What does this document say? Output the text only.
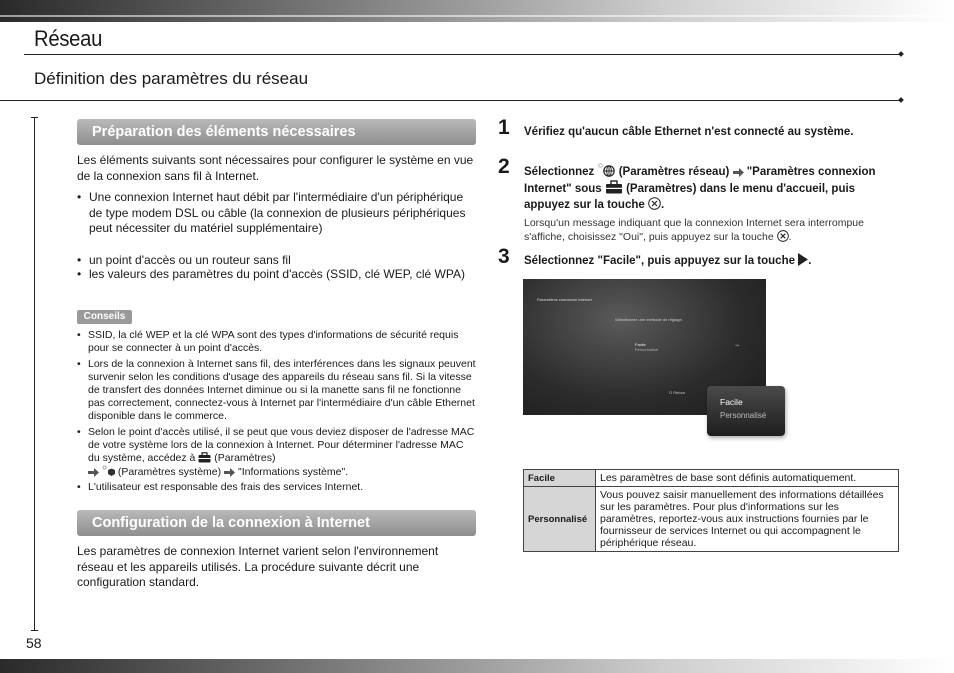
Réseau
Définition des paramètres du réseau
Préparation des éléments nécessaires
Les éléments suivants sont nécessaires pour configurer le système en vue de la connexion sans fil à Internet.
• Une connexion Internet haut débit par l'intermédiaire d'un périphérique de type modem DSL ou câble (la connexion de plusieurs périphériques peut nécessiter du matériel supplémentaire)
• un point d'accès ou un routeur sans fil
• les valeurs des paramètres du point d'accès (SSID, clé WEP, clé WPA)
Conseils
• SSID, la clé WEP et la clé WPA sont des types d'informations de sécurité requis pour se connecter à un point d'accès.
• Lors de la connexion à Internet sans fil, des interférences dans les signaux peuvent survenir selon les conditions d'usage des appareils du réseau sans fil. Si la vitesse de transfert des données Internet diminue ou si la manette sans fil ne fonctionne pas correctement, connectez-vous à Internet par l'intermédiaire d'un câble Ethernet disponible dans le commerce.
• Selon le point d'accès utilisé, il se peut que vous deviez disposer de l'adresse MAC de votre système lors de la connexion à Internet. Pour déterminer l'adresse MAC du système, accédez à (Paramètres)
(Paramètres système) "Informations système".
• L'utilisateur est responsable des frais des services Internet.
Configuration de la connexion à Internet
Les paramètres de connexion Internet varient selon l'environnement réseau et les appareils utilisés. La procédure suivante décrit une configuration standard.
58
1 Vérifiez qu'aucun câble Ethernet n'est connecté au système.
2 Sélectionnez (Paramètres réseau) "Paramètres connexion Internet" sous (Paramètres) dans le menu d'accueil, puis appuyez sur la touche .
Lorsqu'un message indiquant que la connexion Internet sera interrompue s'affiche, choisissez "Oui", puis appuyez sur la touche .
3 Sélectionnez "Facile", puis appuyez sur la touche .
Paramètres connexion Internet
Sélectionner une méthode de réglage.
Facile
Personnalisé
⇒
O Retour
Facile
Personnalisé
Facile	Les paramètres de base sont définis automatiquement.
Personnalisé	Vous pouvez saisir manuellement des informations détaillées sur les paramètres. Pour plus d'informations sur les paramètres, reportez-vous aux instructions fournies par le fournisseur de services Internet ou qui accompagnent le périphérique réseau.
